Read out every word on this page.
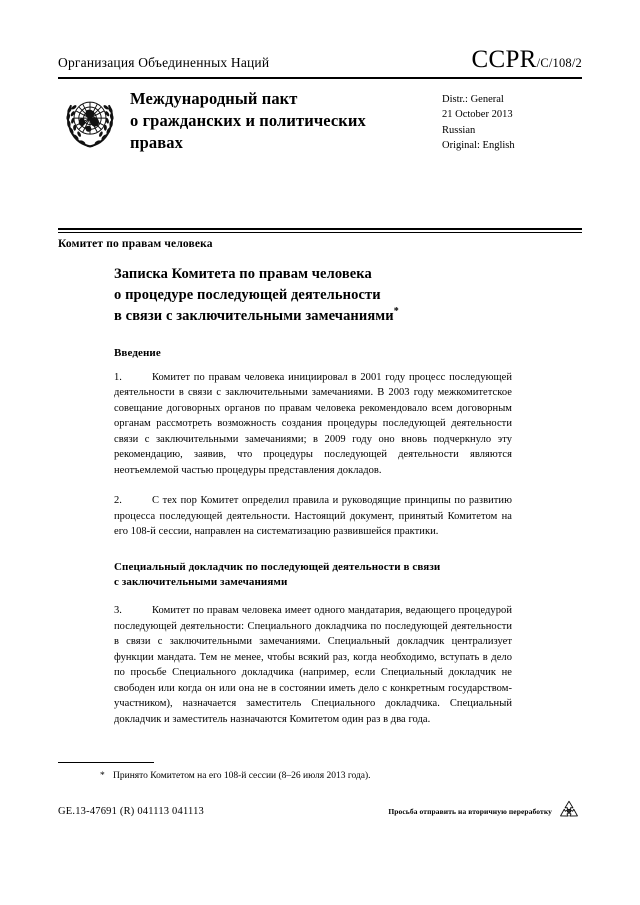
Организация Объединенных Наций	CCPR/C/108/2
Международный пакт
о гражданских и политических
правах
Distr.: General
21 October 2013
Russian
Original: English
Комитет по правам человека
Записка Комитета по правам человека
о процедуре последующей деятельности
в связи с заключительными замечаниями*
Введение
1.	Комитет по правам человека инициировал в 2001 году процесс последующей деятельности в связи с заключительными замечаниями. В 2003 году межкомитетское совещание договорных органов по правам человека рекомендовало всем договорным органам рассмотреть возможность создания процедуры последующей деятельности связи с заключительными замечаниями; в 2009 году оно вновь подчеркнуло эту рекомендацию, заявив, что процедуры последующей деятельности являются неотъемлемой частью процедуры представления докладов.
2.	С тех пор Комитет определил правила и руководящие принципы по развитию процесса последующей деятельности. Настоящий документ, принятый Комитетом на его 108-й сессии, направлен на систематизацию развившейся практики.
Специальный докладчик по последующей деятельности в связи
с заключительными замечаниями
3.	Комитет по правам человека имеет одного мандатария, ведающего процедурой последующей деятельности: Специального докладчика по последующей деятельности в связи с заключительными замечаниями. Специальный докладчик централизует функции мандата. Тем не менее, чтобы всякий раз, когда необходимо, вступать в дело по просьбе Специального докладчика (например, если Специальный докладчик не свободен или когда он или она не в состоянии иметь дело с конкретным государством-участником), назначается заместитель Специального докладчика. Специальный докладчик и заместитель назначаются Комитетом один раз в два года.
* Принято Комитетом на его 108-й сессии (8–26 июля 2013 года).
GE.13-47691 (R) 041113 041113	Просьба отправить на вторичную переработку
